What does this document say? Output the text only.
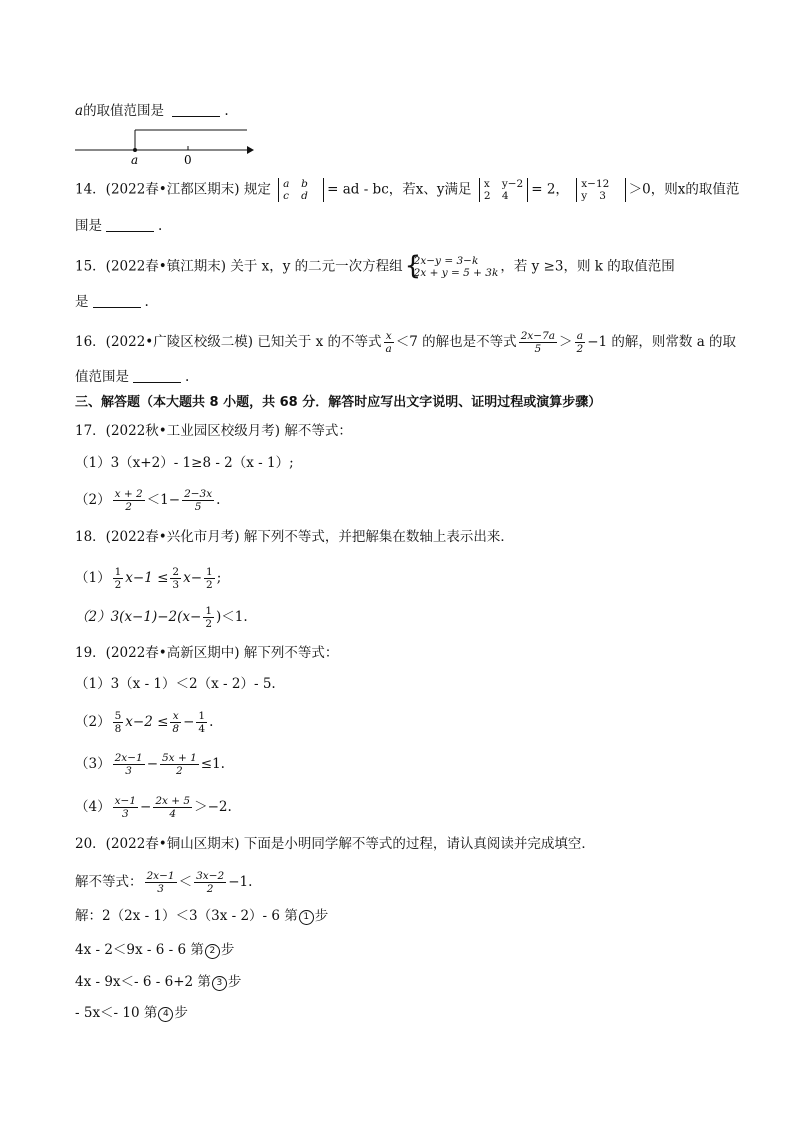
a的取值范围是	.
a	0
14．(2022春•江都区期末) 规定 a b
c d	= ad - bc，若x、y满足 x y−2
2 4	= 2， x−12
y 3	＞0，则x的取值范
围是	.
15．(2022春•镇江期末) 关于 x，y 的二元一次方程组
{ 2x−y = 3−k
2x + y = 5 + 3k ，若 y ≥3，则 k 的取值范围
是	.
16．(2022•广陵区校级二模) 已知关于 x 的不等式 $\frac{x}{a} <7$ 的解也是不等式 $\frac{2x-7a}{5} > \frac{a}{2} -1$ 的解，则常数 a 的取
值范围是	.
三、解答题（本大题共 8 小题，共 68 分．解答时应写出文字说明、证明过程或演算步骤）
17．(2022秋•工业园区校级月考) 解不等式：
（1）3（x+2）- 1≥8 - 2（x - 1）;
$(2) \frac{x + 2}{2} <1- \frac{2-3x}{5}$ .
18．(2022春•兴化市月考) 解下列不等式，并把解集在数轴上表示出来．
$(1) \frac{1}{2} x-1 \le \frac{2}{3} x- \frac{1}{2}$ ;
$(2)3(x-1)-2(x- \frac{1}{2} )<1$.
19．(2022春•高新区期中) 解下列不等式：
（1）3（x - 1）＜2（x - 2）- 5.
$(2) \frac{5}{8} x-2 \le \frac{x}{8} - \frac{1}{4}$ .
$(3) \frac{2x-1}{3} - \frac{5x + 1}{2} \le 1$.
$(4) \frac{x-1}{3} - \frac{2x + 5}{4} >-2$.
20．(2022春•铜山区期末) 下面是小明同学解不等式的过程，请认真阅读并完成填空．
解不等式： $\frac{2x-1}{3} < \frac{3x-2}{2} -1$.
解：2（2x - 1）＜3（3x - 2）- 6 第 1 步
4x - 2＜9x - 6 - 6 第 2 步
4x - 9x＜- 6 - 6+2 第 3 步
- 5x＜- 10 第 4 步
